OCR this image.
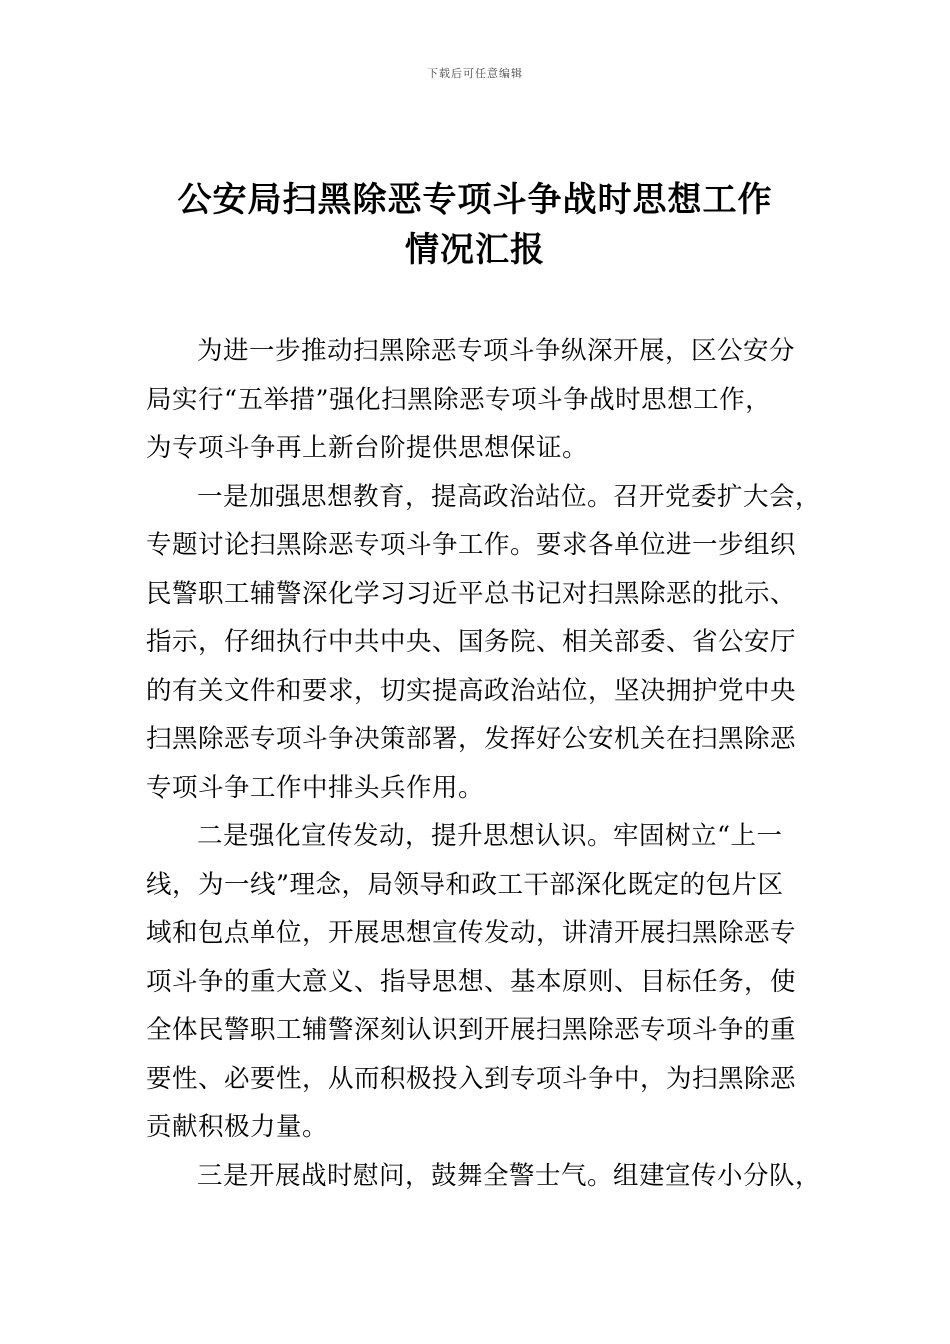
下载后可任意编辑
公安局扫黑除恶专项斗争战时思想工作
情况汇报

为进一步推动扫黑除恶专项斗争纵深开展，区公安分
局实行“五举措”强化扫黑除恶专项斗争战时思想工作，
为专项斗争再上新台阶提供思想保证。

一是加强思想教育，提高政治站位。召开党委扩大会，
专题讨论扫黑除恶专项斗争工作。要求各单位进一步组织
民警职工辅警深化学习习近平总书记对扫黑除恶的批示、
指示，仔细执行中共中央、国务院、相关部委、省公安厅
的有关文件和要求，切实提高政治站位，坚决拥护党中央
扫黑除恶专项斗争决策部署，发挥好公安机关在扫黑除恶
专项斗争工作中排头兵作用。

二是强化宣传发动，提升思想认识。牢固树立“上一
线，为一线”理念，局领导和政工干部深化既定的包片区
域和包点单位，开展思想宣传发动，讲清开展扫黑除恶专
项斗争的重大意义、指导思想、基本原则、目标任务，使
全体民警职工辅警深刻认识到开展扫黑除恶专项斗争的重
要性、必要性，从而积极投入到专项斗争中，为扫黑除恶
贡献积极力量。

三是开展战时慰问，鼓舞全警士气。组建宣传小分队，
